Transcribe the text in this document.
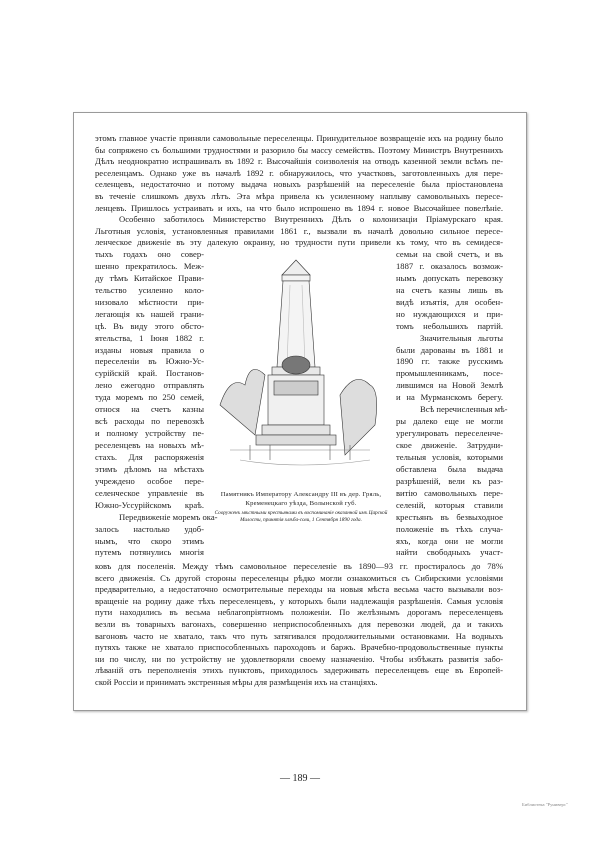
этомъ главное участіе приняли самовольные переселенцы. Принудительное возвращеніе ихъ на родину было
бы сопряжено съ большими трудностями и разорило бы массу семействъ. Поэтому Министръ Внутреннихъ
Дѣлъ неоднократно испрашивалъ въ 1892 г. Высочайшія соизволенія на отводъ казенной земли всѣмъ пе-
реселенцамъ. Однако уже въ началѣ 1892 г. обнаружилось, что участковъ, заготовленныхъ для пере-
селенцевъ, недостаточно и потому выдача новыхъ разрѣшеній на переселеніе была пріостановлена
въ теченіе слишкомъ двухъ лѣтъ. Эта мѣра привела къ усиленному наплыву самовольныхъ пересе-
ленцевъ. Пришлось устраивать и ихъ, на что было испрошено въ 1894 г. новое Высочайшее повелѣніе.
Особенно заботилось Министерство Внутреннихъ Дѣлъ о колонизаціи Пріамурскаго края.
Льготныя условія, установленныя правилами 1861 г., вызвали въ началѣ довольно сильное пересе-
ленческое движеніе въ эту далекую окраину, но трудности пути привели къ тому, что въ семидеся-
тыхъ годахъ оно совер-
шенно прекратилось. Меж-
ду тѣмъ Китайское Прави-
тельство усиленно коло-
низовало мѣстности при-
легающія къ нашей грани-
цѣ. Въ виду этого обсто-
ятельства, 1 Іюня 1882 г.
изданы новыя правила о
переселеніи въ Южно-Ус-
сурійскій край. Постанов-
лено ежегодно отправлять
туда моремъ по 250 семей,
относя на счетъ казны
всѣ расходы по перевозкѣ
и полному устройству пе-
реселенцевъ на новыхъ мѣ-
стахъ. Для распоряженія
этимъ дѣломъ на мѣстахъ
учреждено особое пере-
селенческое управленіе въ
Южно-Уссурійскомъ краѣ.
Передвиженіе моремъ ока-
залось настолько удоб-
нымъ, что скоро этимъ
путемъ потянулись многія
семьи на свой счетъ, и въ
1887 г. оказалось возмож-
нымъ допускать перевозку
на счетъ казны лишь въ
видѣ изъятія, для особен-
но нуждающихся и при-
томъ небольшихъ партій.
Значительныя льготы
были дарованы въ 1881 и
1890 гг. также русскимъ
промышленникамъ, посе-
лившимся на Новой Землѣ
и на Мурманскомъ берегу.
Всѣ перечисленныя мѣ-
ры далеко еще не могли
урегулировать переселенче-
ское движеніе. Затрудни-
тельныя условія, которыми
обставлена была выдача
разрѣшеній, вели къ раз-
витію самовольныхъ пере-
селеній, которыя ставили
крестьянъ въ безвыходное
положеніе въ тѣхъ случа-
яхъ, когда они не могли
найти свободныхъ участ-
Памятникъ Императору Александру III въ дер. Гряль, Кременецкаго уѣзда, Волынской губ.
Сооруженъ мѣстными крестьянами въ воспоминаніе оказанной имъ Царской Милости, принятія хлѣба-соли, 1 Сентября 1890 года.
ковъ для поселенія. Между тѣмъ самовольное переселеніе въ 1890—93 гг. простиралось до 78%
всего движенія. Съ другой стороны переселенцы рѣдко могли ознакомиться съ Сибирскими условіями
предварительно, а недостаточно осмотрительные переходы на новыя мѣста весьма часто вызывали воз-
вращеніе на родину даже тѣхъ переселенцевъ, у которыхъ были надлежащія разрѣшенія. Самыя условія
пути находились въ весьма неблагопріятномъ положеніи. По желѣзнымъ дорогамъ переселенцевъ
везли въ товарныхъ вагонахъ, совершенно неприспособленныхъ для перевозки людей, да и такихъ
вагоновъ часто не хватало, такъ что путь затягивался продолжительными остановками. На водныхъ
путяхъ также не хватало приспособленныхъ пароходовъ и баржъ. Врачебно-продовольственные пункты
ни по числу, ни по устройству не удовлетворяли своему назначенію. Чтобы избѣжать развитія забо-
лѣваній отъ переполненія этихъ пунктовъ, приходилось задерживать переселенцевъ еще въ Европей-
ской Россіи и принимать экстренныя мѣры для размѣщенія ихъ на станціяхъ.
— 189 —
Библиотека "Руниверс"
